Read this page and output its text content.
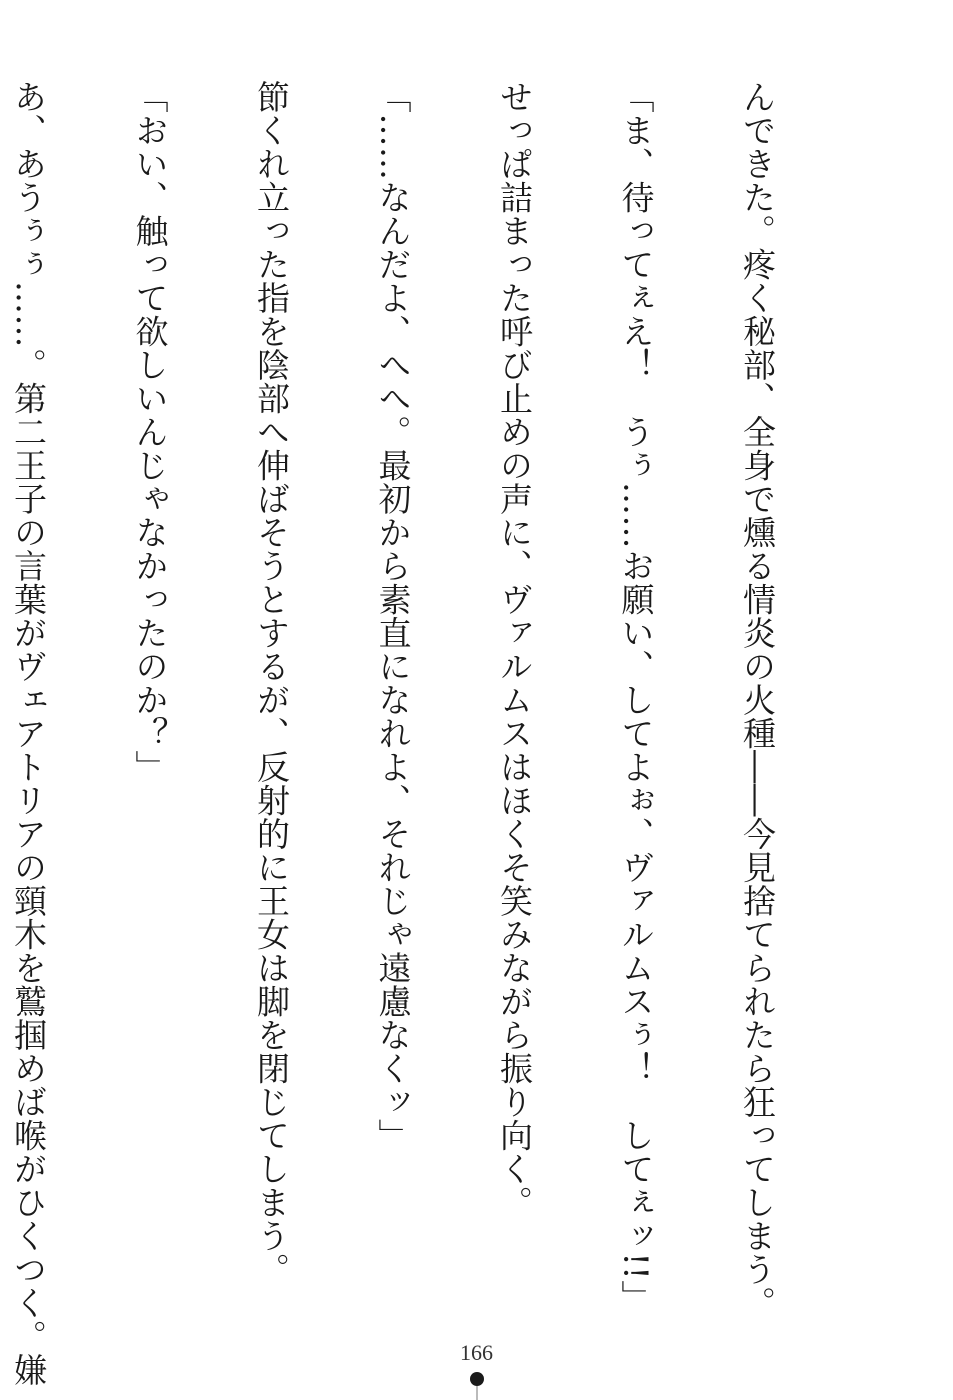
んできた。疼く秘部、全身で燻る情炎の火種――今見捨てられたら狂ってしまう。

「ま、待ってぇえ！　うぅ……お願い、してよぉ、ヴァルムスぅ！　してぇッ!!」

せっぱ詰まった呼び止めの声に、ヴァルムスはほくそ笑みながら振り向く。

「……なんだよ、へへ。最初から素直になれよ、それじゃ遠慮なくッ」

節くれ立った指を陰部へ伸ばそうとするが、反射的に王女は脚を閉じてしまう。

「おい、触って欲しいんじゃなかったのか？」

あ、あうぅぅ……。第二王子の言葉がヴェアトリアの頸木を鷲掴めば喉がひくつく。嫌

	166
